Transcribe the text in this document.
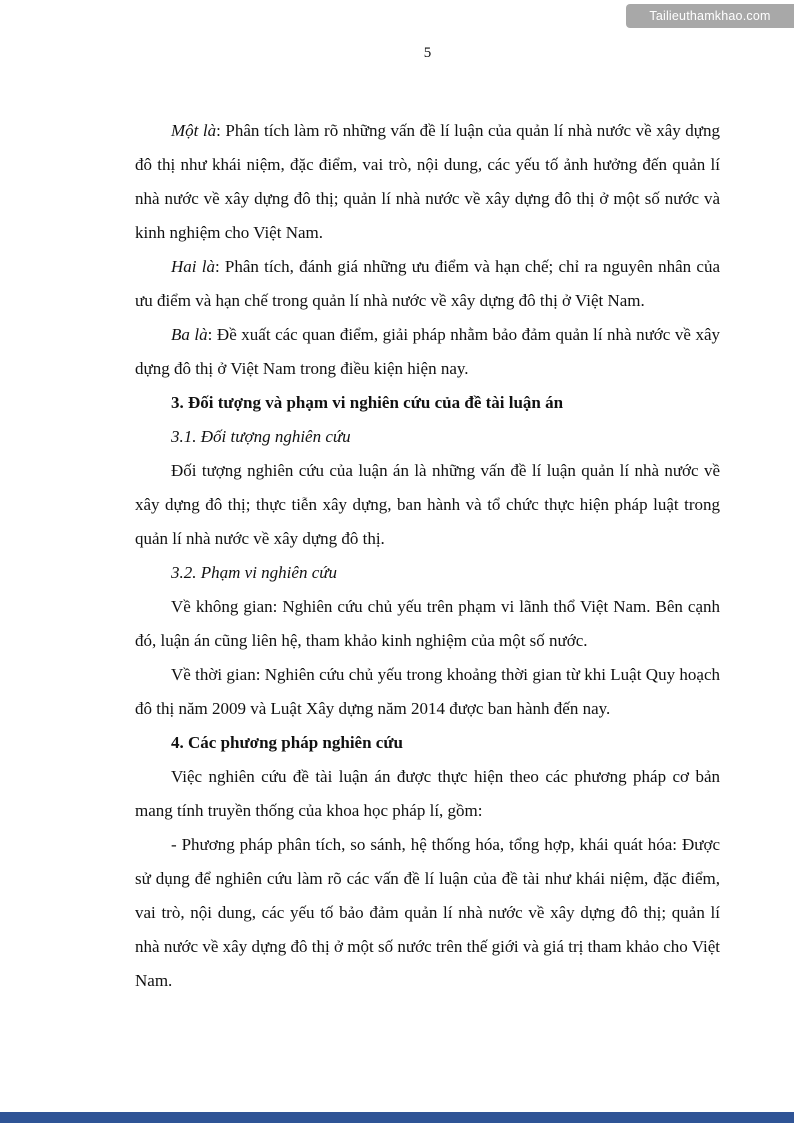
Tailieuthamkhao.com
5

Một là: Phân tích làm rõ những vấn đề lí luận của quản lí nhà nước về xây dựng đô thị như khái niệm, đặc điểm, vai trò, nội dung, các yếu tố ảnh hưởng đến quản lí nhà nước về xây dựng đô thị; quản lí nhà nước về xây dựng đô thị ở một số nước và kinh nghiệm cho Việt Nam.

Hai là: Phân tích, đánh giá những ưu điểm và hạn chế; chỉ ra nguyên nhân của ưu điểm và hạn chế trong quản lí nhà nước về xây dựng đô thị ở Việt Nam.

Ba là: Đề xuất các quan điểm, giải pháp nhằm bảo đảm quản lí nhà nước về xây dựng đô thị ở Việt Nam trong điều kiện hiện nay.

3. Đối tượng và phạm vi nghiên cứu của đề tài luận án

3.1. Đối tượng nghiên cứu

Đối tượng nghiên cứu của luận án là những vấn đề lí luận quản lí nhà nước về xây dựng đô thị; thực tiễn xây dựng, ban hành và tổ chức thực hiện pháp luật trong quản lí nhà nước về xây dựng đô thị.

3.2. Phạm vi nghiên cứu

Về không gian: Nghiên cứu chủ yếu trên phạm vi lãnh thổ Việt Nam. Bên cạnh đó, luận án cũng liên hệ, tham khảo kinh nghiệm của một số nước.

Về thời gian: Nghiên cứu chủ yếu trong khoảng thời gian từ khi Luật Quy hoạch đô thị năm 2009 và Luật Xây dựng năm 2014 được ban hành đến nay.

4. Các phương pháp nghiên cứu

Việc nghiên cứu đề tài luận án được thực hiện theo các phương pháp cơ bản mang tính truyền thống của khoa học pháp lí, gồm:

- Phương pháp phân tích, so sánh, hệ thống hóa, tổng hợp, khái quát hóa: Được sử dụng để nghiên cứu làm rõ các vấn đề lí luận của đề tài như khái niệm, đặc điểm, vai trò, nội dung, các yếu tố bảo đảm quản lí nhà nước về xây dựng đô thị; quản lí nhà nước về xây dựng đô thị ở một số nước trên thế giới và giá trị tham khảo cho Việt Nam.
